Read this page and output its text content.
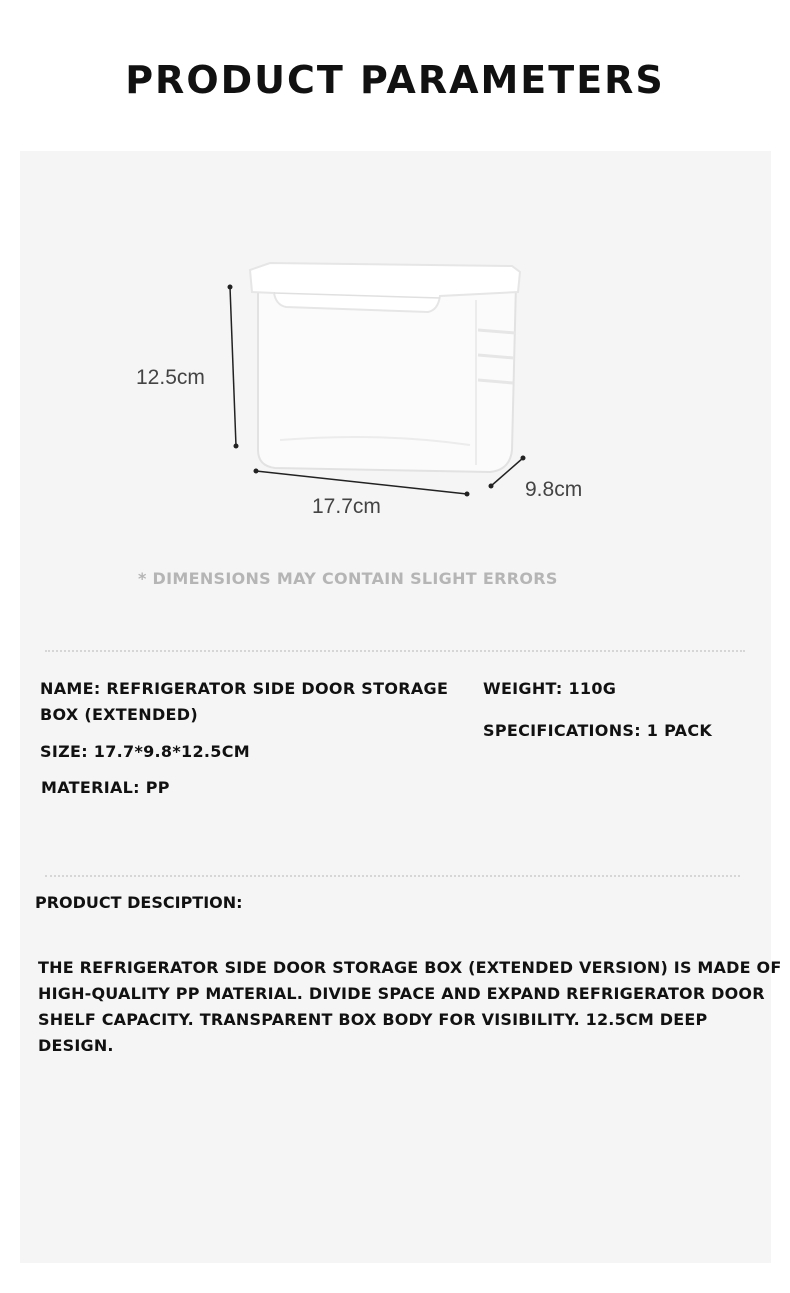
PRODUCT PARAMETERS
12.5cm
17.7cm
9.8cm
* DIMENSIONS MAY CONTAIN SLIGHT ERRORS
NAME: REFRIGERATOR SIDE DOOR STORAGE BOX (EXTENDED)
SIZE: 17.7*9.8*12.5CM
MATERIAL: PP
WEIGHT: 110G
SPECIFICATIONS: 1 PACK
PRODUCT DESCIPTION:
THE REFRIGERATOR SIDE DOOR STORAGE BOX (EXTENDED VERSION) IS MADE OF HIGH-QUALITY PP MATERIAL. DIVIDE SPACE AND EXPAND REFRIGERATOR DOOR SHELF CAPACITY. TRANSPARENT BOX BODY FOR VISIBILITY. 12.5CM DEEP DESIGN.
